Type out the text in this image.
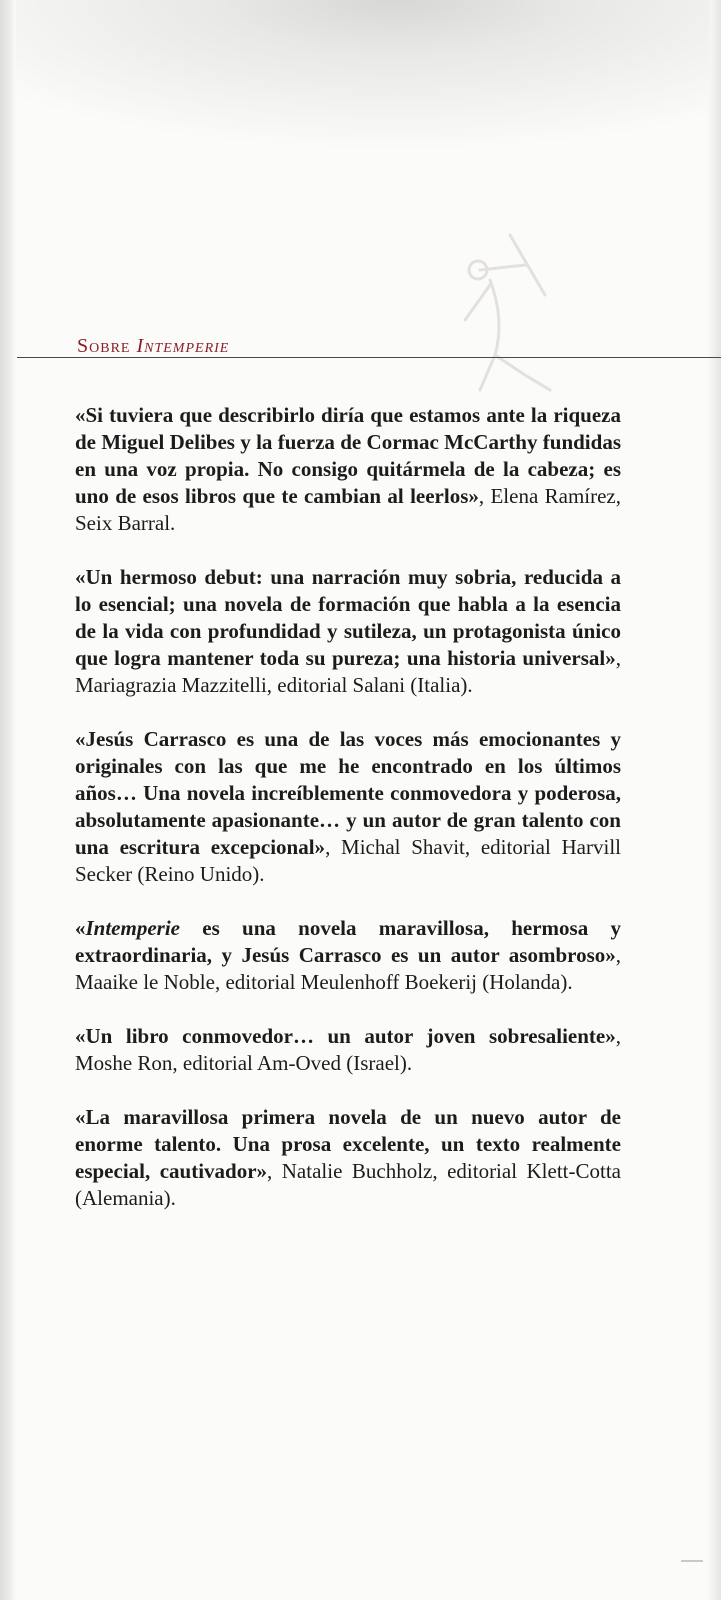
Sobre Intemperie

«Si tuviera que describirlo diría que estamos ante la riqueza de Miguel Delibes y la fuerza de Cormac McCarthy fundidas en una voz propia. No consigo quitármela de la cabeza; es uno de esos libros que te cambian al leerlos», Elena Ramírez, Seix Barral.

«Un hermoso debut: una narración muy sobria, reducida a lo esencial; una novela de formación que habla a la esencia de la vida con profundidad y sutileza, un protagonista único que logra mantener toda su pureza; una historia universal», Mariagrazia Mazzitelli, editorial Salani (Italia).

«Jesús Carrasco es una de las voces más emocionantes y originales con las que me he encontrado en los últimos años… Una novela increíblemente conmovedora y poderosa, absolutamente apasionante… y un autor de gran talento con una escritura excepcional», Michal Shavit, editorial Harvill Secker (Reino Unido).

«Intemperie es una novela maravillosa, hermosa y extraordinaria, y Jesús Carrasco es un autor asombroso», Maaike le Noble, editorial Meulenhoff Boekerij (Holanda).

«Un libro conmovedor… un autor joven sobresaliente», Moshe Ron, editorial Am-Oved (Israel).

«La maravillosa primera novela de un nuevo autor de enorme talento. Una prosa excelente, un texto realmente especial, cautivador», Natalie Buchholz, editorial Klett-Cotta (Alemania).
